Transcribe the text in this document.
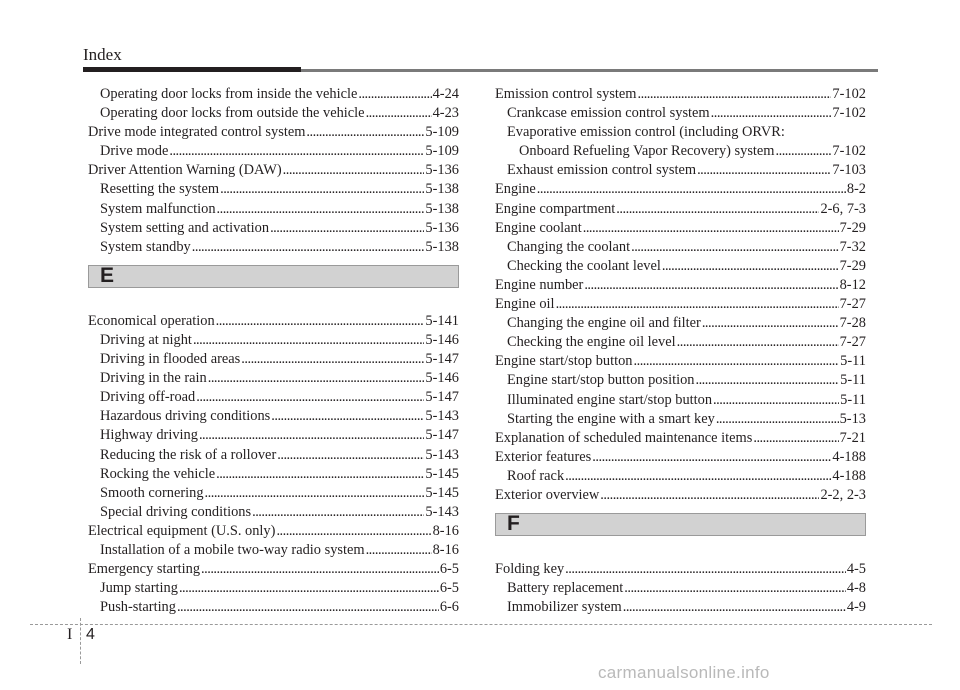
Index
Operating door locks from inside the vehicle .....	4-24
Operating door locks from outside the vehicle .....	4-23
Drive mode integrated control system .....	5-109
Drive mode .....	5-109
Driver Attention Warning (DAW) .....	5-136
Resetting the system .....	5-138
System malfunction .....	5-138
System setting and activation .....	5-136
System standby .....	5-138
E
Economical operation .....	5-141
Driving at night .....	5-146
Driving in flooded areas .....	5-147
Driving in the rain .....	5-146
Driving off-road .....	5-147
Hazardous driving conditions .....	5-143
Highway driving .....	5-147
Reducing the risk of a rollover .....	5-143
Rocking the vehicle .....	5-145
Smooth cornering .....	5-145
Special driving conditions .....	5-143
Electrical equipment (U.S. only) .....	8-16
Installation of a mobile two-way radio system .....	8-16
Emergency starting .....	6-5
Jump starting .....	6-5
Push-starting .....	6-6
Emission control system .....	7-102
Crankcase emission control system .....	7-102
Evaporative emission control (including ORVR:
Onboard Refueling Vapor Recovery) system .....	7-102
Exhaust emission control system .....	7-103
Engine .....	8-2
Engine compartment .....	2-6, 7-3
Engine coolant .....	7-29
Changing the coolant .....	7-32
Checking the coolant level .....	7-29
Engine number .....	8-12
Engine oil .....	7-27
Changing the engine oil and filter .....	7-28
Checking the engine oil level .....	7-27
Engine start/stop button .....	5-11
Engine start/stop button position .....	5-11
Illuminated engine start/stop button .....	5-11
Starting the engine with a smart key .....	5-13
Explanation of scheduled maintenance items .....	7-21
Exterior features .....	4-188
Roof rack .....	4-188
Exterior overview .....	2-2, 2-3
F
Folding key .....	4-5
Battery replacement .....	4-8
Immobilizer system .....	4-9
I 4
carmanualsonline.info
